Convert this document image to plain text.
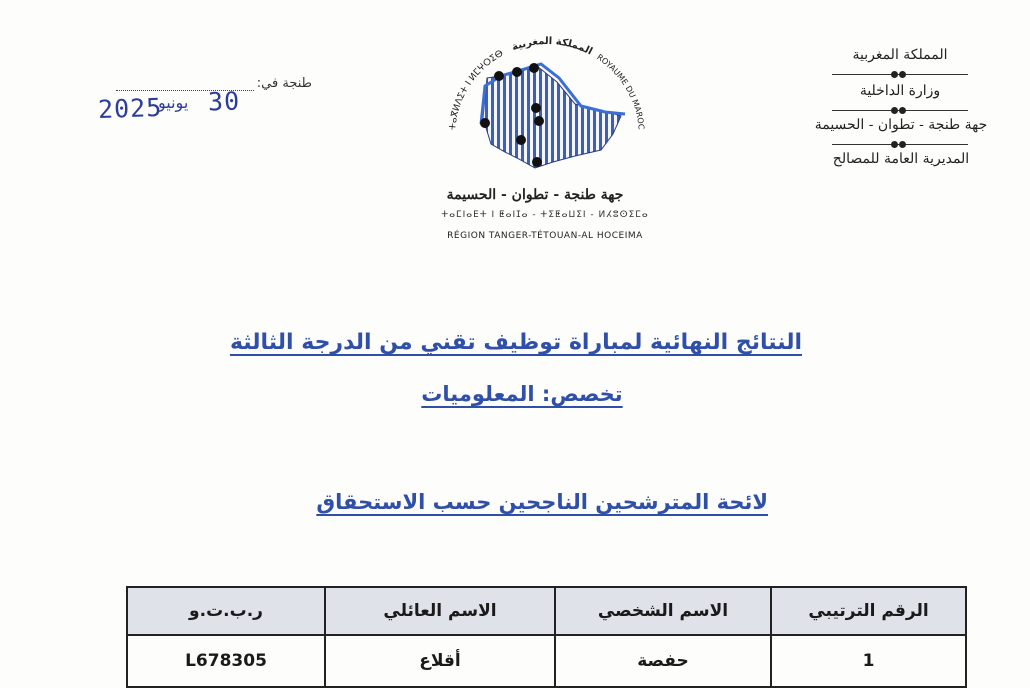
المملكة المغربية
وزارة الداخلية
جهة طنجة - تطوان - الحسيمة
المديرية العامة للمصالح
ⵜⴰⴳⵍⴷⵉⵜ ⵏ ⵍⵎⵖⵔⵉⴱ
المملكة المغربية
ROYAUME DU MAROC
جهة طنجة - تطوان - الحسيمة
ⵜⴰⵎⵏⴰⴹⵜ ⵏ ⵟⴰⵏⵊⴰ - ⵜⵉⵟⴰⵡⵉⵏ - ⵍⵃⵓⵙⵉⵎⴰ
RÉGION TANGER-TÉTOUAN-AL HOCEIMA
طنجة في:
2025
يونيو 30
النتائج النهائية لمباراة توظيف تقني من الدرجة الثالثة
تخصص: المعلوميات
لائحة المترشحين الناجحين حسب الاستحقاق
الرقم الترتيبي	الاسم الشخصي	الاسم العائلي	ر.ب.ت.و
1	حفصة	أقلاع	L678305
